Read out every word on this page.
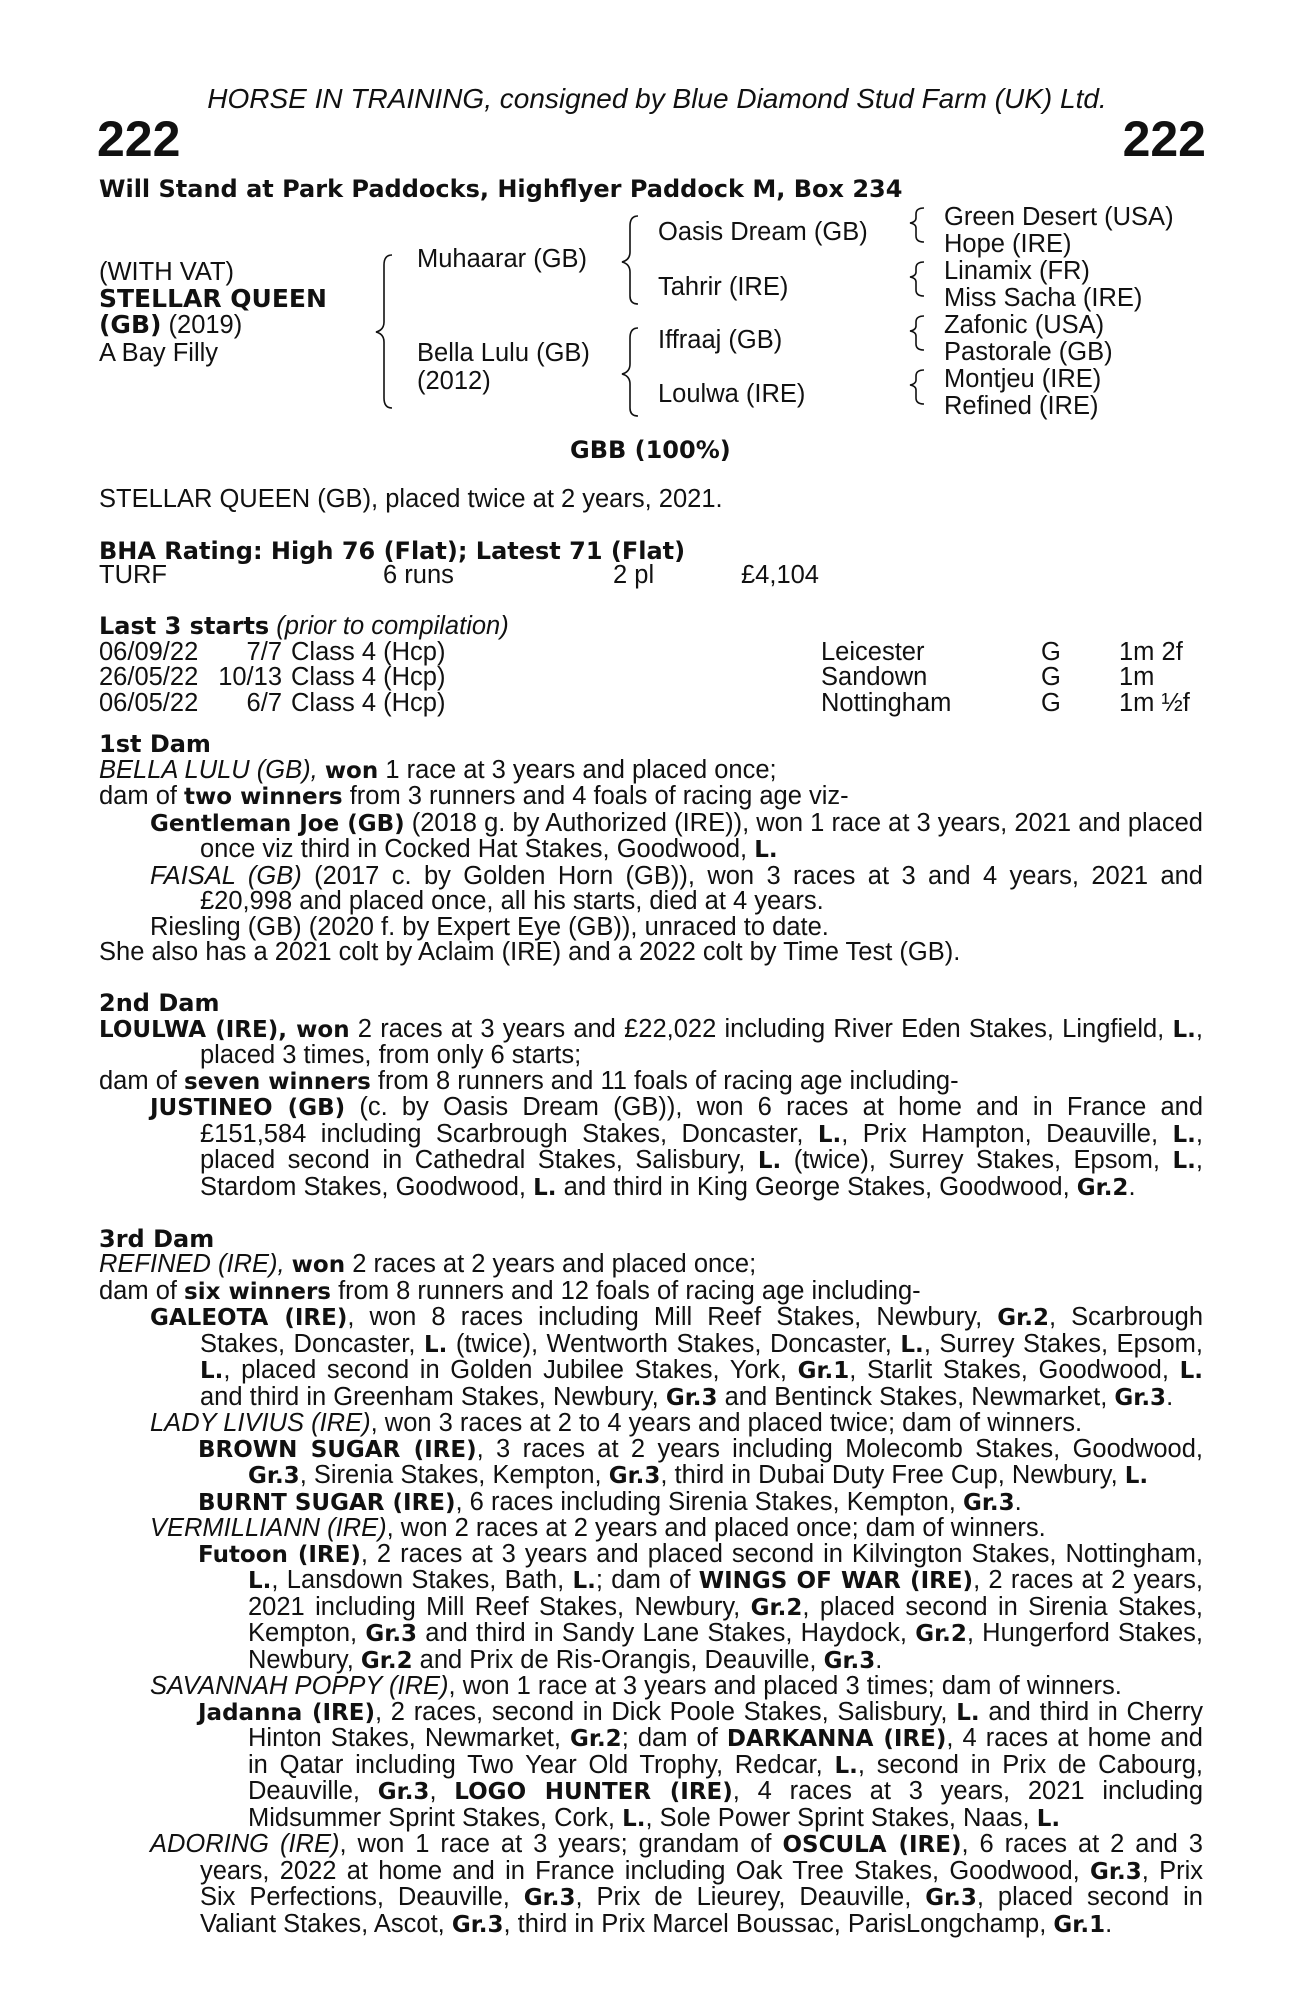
HORSE IN TRAINING, consigned by Blue Diamond Stud Farm (UK) Ltd.
222	222
Will Stand at Park Paddocks, Highflyer Paddock M, Box 234
(WITH VAT)
STELLAR QUEEN
(GB) (2019)
A Bay Filly
Muhaarar (GB)
Bella Lulu (GB)
(2012)
Oasis Dream (GB)
Tahrir (IRE)
Iffraaj (GB)
Loulwa (IRE)
Green Desert (USA)
Hope (IRE)
Linamix (FR)
Miss Sacha (IRE)
Zafonic (USA)
Pastorale (GB)
Montjeu (IRE)
Refined (IRE)
GBB (100%)
STELLAR QUEEN (GB), placed twice at 2 years, 2021.
BHA Rating: High 76 (Flat); Latest 71 (Flat)
TURF	6 runs	2 pl	£4,104
Last 3 starts (prior to compilation)
06/09/22	7/7 Class 4 (Hcp)	Leicester	G 1m 2f
26/05/22 10/13 Class 4 (Hcp)	Sandown	G 1m
06/05/22	6/7 Class 4 (Hcp)	Nottingham	G 1m ½f

1st Dam

BELLA LULU (GB), won 1 race at 3 years and placed once;

dam of two winners from 3 runners and 4 foals of racing age viz-

Gentleman Joe (GB) (2018 g. by Authorized (IRE)), won 1 race at 3 years, 2021 and placed once viz third in Cocked Hat Stakes, Goodwood, L.

FAISAL (GB) (2017 c. by Golden Horn (GB)), won 3 races at 3 and 4 years, 2021 and £20,998 and placed once, all his starts, died at 4 years.

Riesling (GB) (2020 f. by Expert Eye (GB)), unraced to date.

She also has a 2021 colt by Aclaim (IRE) and a 2022 colt by Time Test (GB).

2nd Dam

LOULWA (IRE), won 2 races at 3 years and £22,022 including River Eden Stakes, Lingfield, L., placed 3 times, from only 6 starts;

dam of seven winners from 8 runners and 11 foals of racing age including-

JUSTINEO (GB) (c. by Oasis Dream (GB)), won 6 races at home and in France and £151,584 including Scarbrough Stakes, Doncaster, L., Prix Hampton, Deauville, L., placed second in Cathedral Stakes, Salisbury, L. (twice), Surrey Stakes, Epsom, L., Stardom Stakes, Goodwood, L. and third in King George Stakes, Goodwood, Gr.2.

3rd Dam

REFINED (IRE), won 2 races at 2 years and placed once;

dam of six winners from 8 runners and 12 foals of racing age including-

GALEOTA (IRE), won 8 races including Mill Reef Stakes, Newbury, Gr.2, Scarbrough Stakes, Doncaster, L. (twice), Wentworth Stakes, Doncaster, L., Surrey Stakes, Epsom, L., placed second in Golden Jubilee Stakes, York, Gr.1, Starlit Stakes, Goodwood, L. and third in Greenham Stakes, Newbury, Gr.3 and Bentinck Stakes, Newmarket, Gr.3.

LADY LIVIUS (IRE), won 3 races at 2 to 4 years and placed twice; dam of winners.

BROWN SUGAR (IRE), 3 races at 2 years including Molecomb Stakes, Goodwood, Gr.3, Sirenia Stakes, Kempton, Gr.3, third in Dubai Duty Free Cup, Newbury, L.

BURNT SUGAR (IRE), 6 races including Sirenia Stakes, Kempton, Gr.3.

VERMILLIANN (IRE), won 2 races at 2 years and placed once; dam of winners.

Futoon (IRE), 2 races at 3 years and placed second in Kilvington Stakes, Nottingham, L., Lansdown Stakes, Bath, L.; dam of WINGS OF WAR (IRE), 2 races at 2 years, 2021 including Mill Reef Stakes, Newbury, Gr.2, placed second in Sirenia Stakes, Kempton, Gr.3 and third in Sandy Lane Stakes, Haydock, Gr.2, Hungerford Stakes, Newbury, Gr.2 and Prix de Ris-Orangis, Deauville, Gr.3.

SAVANNAH POPPY (IRE), won 1 race at 3 years and placed 3 times; dam of winners.

Jadanna (IRE), 2 races, second in Dick Poole Stakes, Salisbury, L. and third in Cherry Hinton Stakes, Newmarket, Gr.2; dam of DARKANNA (IRE), 4 races at home and in Qatar including Two Year Old Trophy, Redcar, L., second in Prix de Cabourg, Deauville, Gr.3, LOGO HUNTER (IRE), 4 races at 3 years, 2021 including Midsummer Sprint Stakes, Cork, L., Sole Power Sprint Stakes, Naas, L.

ADORING (IRE), won 1 race at 3 years; grandam of OSCULA (IRE), 6 races at 2 and 3 years, 2022 at home and in France including Oak Tree Stakes, Goodwood, Gr.3, Prix Six Perfections, Deauville, Gr.3, Prix de Lieurey, Deauville, Gr.3, placed second in Valiant Stakes, Ascot, Gr.3, third in Prix Marcel Boussac, ParisLongchamp, Gr.1.
